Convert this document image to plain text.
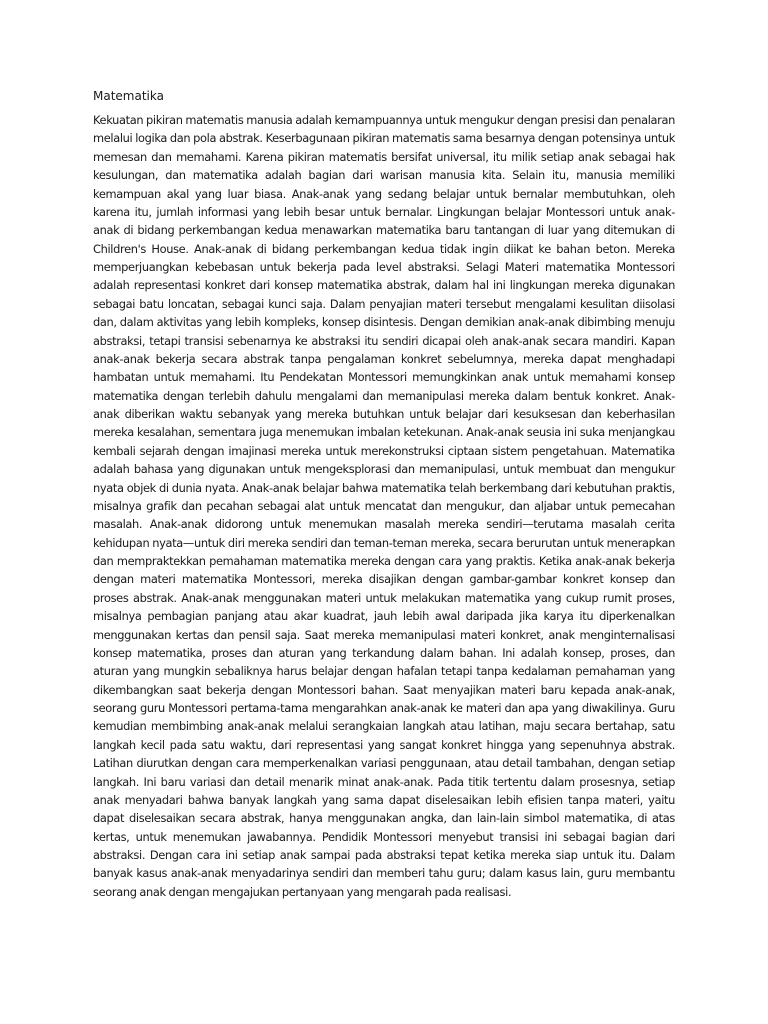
Matematika

Kekuatan pikiran matematis manusia adalah kemampuannya untuk mengukur dengan presisi dan penalaran melalui logika dan pola abstrak. Keserbagunaan pikiran matematis sama besarnya dengan potensinya untuk memesan dan memahami. Karena pikiran matematis bersifat universal, itu milik setiap anak sebagai hak kesulungan, dan matematika adalah bagian dari warisan manusia kita. Selain itu, manusia memiliki kemampuan akal yang luar biasa. Anak-anak yang sedang belajar untuk bernalar membutuhkan, oleh karena itu, jumlah informasi yang lebih besar untuk bernalar. Lingkungan belajar Montessori untuk anak-anak di bidang perkembangan kedua menawarkan matematika baru tantangan di luar yang ditemukan di Children's House. Anak-anak di bidang perkembangan kedua tidak ingin diikat ke bahan beton. Mereka memperjuangkan kebebasan untuk bekerja pada level abstraksi. Selagi Materi matematika Montessori adalah representasi konkret dari konsep matematika abstrak, dalam hal ini lingkungan mereka digunakan sebagai batu loncatan, sebagai kunci saja. Dalam penyajian materi tersebut mengalami kesulitan diisolasi dan, dalam aktivitas yang lebih kompleks, konsep disintesis. Dengan demikian anak-anak dibimbing menuju abstraksi, tetapi transisi sebenarnya ke abstraksi itu sendiri dicapai oleh anak-anak secara mandiri. Kapan anak-anak bekerja secara abstrak tanpa pengalaman konkret sebelumnya, mereka dapat menghadapi hambatan untuk memahami. Itu Pendekatan Montessori memungkinkan anak untuk memahami konsep matematika dengan terlebih dahulu mengalami dan memanipulasi mereka dalam bentuk konkret. Anak-anak diberikan waktu sebanyak yang mereka butuhkan untuk belajar dari kesuksesan dan keberhasilan mereka kesalahan, sementara juga menemukan imbalan ketekunan. Anak-anak seusia ini suka menjangkau kembali sejarah dengan imajinasi mereka untuk merekonstruksi ciptaan sistem pengetahuan. Matematika adalah bahasa yang digunakan untuk mengeksplorasi dan memanipulasi, untuk membuat dan mengukur nyata objek di dunia nyata. Anak-anak belajar bahwa matematika telah berkembang dari kebutuhan praktis, misalnya grafik dan pecahan sebagai alat untuk mencatat dan mengukur, dan aljabar untuk pemecahan masalah. Anak-anak didorong untuk menemukan masalah mereka sendiri—terutama masalah cerita kehidupan nyata—untuk diri mereka sendiri dan teman-teman mereka, secara berurutan untuk menerapkan dan mempraktekkan pemahaman matematika mereka dengan cara yang praktis. Ketika anak-anak bekerja dengan materi matematika Montessori, mereka disajikan dengan gambar-gambar konkret konsep dan proses abstrak. Anak-anak menggunakan materi untuk melakukan matematika yang cukup rumit proses, misalnya pembagian panjang atau akar kuadrat, jauh lebih awal daripada jika karya itu diperkenalkan menggunakan kertas dan pensil saja. Saat mereka memanipulasi materi konkret, anak menginternalisasi konsep matematika, proses dan aturan yang terkandung dalam bahan. Ini adalah konsep, proses, dan aturan yang mungkin sebaliknya harus belajar dengan hafalan tetapi tanpa kedalaman pemahaman yang dikembangkan saat bekerja dengan Montessori bahan. Saat menyajikan materi baru kepada anak-anak, seorang guru Montessori pertama-tama mengarahkan anak-anak ke materi dan apa yang diwakilinya. Guru kemudian membimbing anak-anak melalui serangkaian langkah atau latihan, maju secara bertahap, satu langkah kecil pada satu waktu, dari representasi yang sangat konkret hingga yang sepenuhnya abstrak. Latihan diurutkan dengan cara memperkenalkan variasi penggunaan, atau detail tambahan, dengan setiap langkah. Ini baru variasi dan detail menarik minat anak-anak. Pada titik tertentu dalam prosesnya, setiap anak menyadari bahwa banyak langkah yang sama dapat diselesaikan lebih efisien tanpa materi, yaitu dapat diselesaikan secara abstrak, hanya menggunakan angka, dan lain-lain simbol matematika, di atas kertas, untuk menemukan jawabannya. Pendidik Montessori menyebut transisi ini sebagai bagian dari abstraksi. Dengan cara ini setiap anak sampai pada abstraksi tepat ketika mereka siap untuk itu. Dalam banyak kasus anak-anak menyadarinya sendiri dan memberi tahu guru; dalam kasus lain, guru membantu seorang anak dengan mengajukan pertanyaan yang mengarah pada realisasi.
